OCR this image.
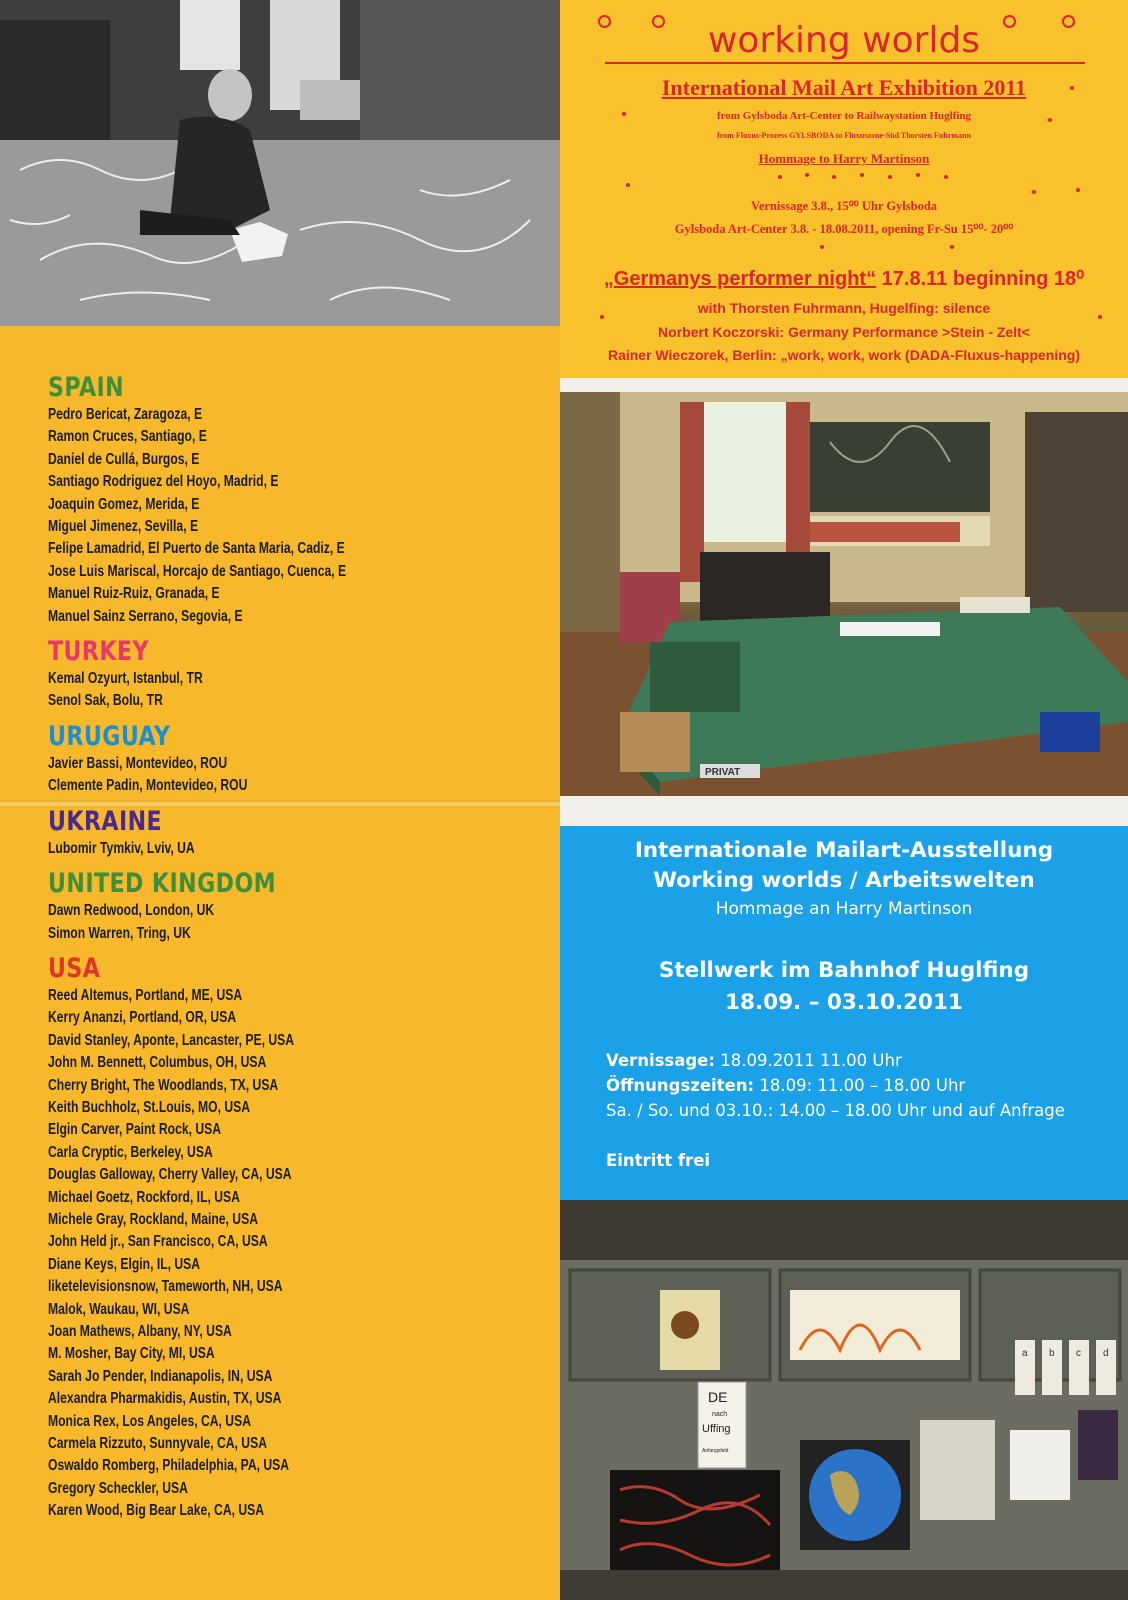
SPAIN
Pedro Bericat, Zaragoza, E
Ramon Cruces, Santiago, E
Daniel de Cullá, Burgos, E
Santiago Rodriguez del Hoyo, Madrid, E
Joaquin Gomez, Merida, E
Miguel Jimenez, Sevilla, E
Felipe Lamadrid, El Puerto de Santa Maria, Cadiz, E
Jose Luis Mariscal, Horcajo de Santiago, Cuenca, E
Manuel Ruiz-Ruiz, Granada, E
Manuel Sainz Serrano, Segovia, E
TURKEY
Kemal Ozyurt, Istanbul, TR
Senol Sak, Bolu, TR
URUGUAY
Javier Bassi, Montevideo, ROU
Clemente Padin, Montevideo, ROU
UKRAINE
Lubomir Tymkiv, Lviv, UA
UNITED KINGDOM
Dawn Redwood, London, UK
Simon Warren, Tring, UK
USA
Reed Altemus, Portland, ME, USA
Kerry Ananzi, Portland, OR, USA
David Stanley, Aponte, Lancaster, PE, USA
John M. Bennett, Columbus, OH, USA
Cherry Bright, The Woodlands, TX, USA
Keith Buchholz, St.Louis, MO, USA
Elgin Carver, Paint Rock, USA
Carla Cryptic, Berkeley, USA
Douglas Galloway, Cherry Valley, CA, USA
Michael Goetz, Rockford, IL, USA
Michele Gray, Rockland, Maine, USA
John Held jr., San Francisco, CA, USA
Diane Keys, Elgin, IL, USA
liketelevisionsnow, Tameworth, NH, USA
Malok, Waukau, WI, USA
Joan Mathews, Albany, NY, USA
M. Mosher, Bay City, MI, USA
Sarah Jo Pender, Indianapolis, IN, USA
Alexandra Pharmakidis, Austin, TX, USA
Monica Rex, Los Angeles, CA, USA
Carmela Rizzuto, Sunnyvale, CA, USA
Oswaldo Romberg, Philadelphia, PA, USA
Gregory Scheckler, USA
Karen Wood, Big Bear Lake, CA, USA
working worlds
International Mail Art Exhibition 2011
from Gylsboda Art-Center to Railwaystation Huglfing
from Fluxus-Prozess GYLSBODA to Fluxuszone-Süd Thorsten Fuhrmann
Hommage to Harry Martinson
Vernissage 3.8., 15⁰⁰ Uhr Gylsboda
Gylsboda Art-Center 3.8. - 18.08.2011, opening Fr-Su 15⁰⁰- 20⁰⁰
„Germanys performer night“ 17.8.11 beginning 18⁰
with Thorsten Fuhrmann, Hugelfing: silence
Norbert Koczorski: Germany Performance >Stein - Zelt<
Rainer Wieczorek, Berlin: „work, work, work (DADA-Fluxus-happening)
PRIVAT
Internationale Mailart-Ausstellung
Working worlds / Arbeitswelten
Hommage an Harry Martinson
Stellwerk im Bahnhof Huglfing
18.09. – 03.10.2011
Vernissage: 18.09.2011 11.00 Uhr
Öffnungszeiten: 18.09: 11.00 – 18.00 Uhr
Sa. / So. und 03.10.: 14.00 – 18.00 Uhr und auf Anfrage
Eintritt frei
a b c d
DE
nach
Uffing
Anfangsfeld
